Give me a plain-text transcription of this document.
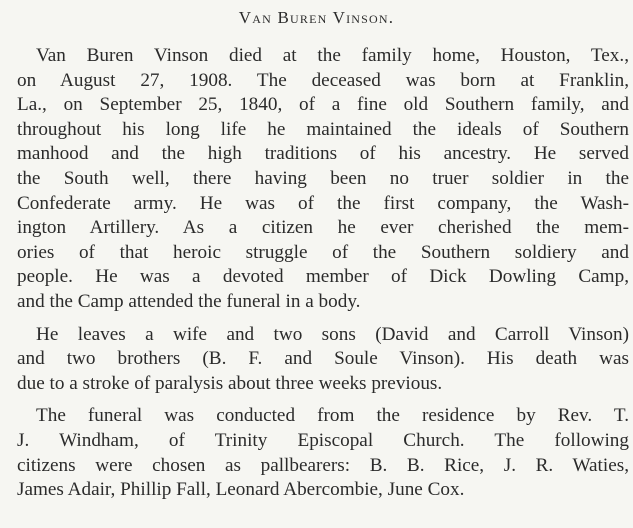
Van Buren Vinson.
Van Buren Vinson died at the family home, Houston, Tex.,
on August 27, 1908. The deceased was born at Franklin,
La., on September 25, 1840, of a fine old Southern family, and
throughout his long life he maintained the ideals of Southern
manhood and the high traditions of his ancestry. He served
the South well, there having been no truer soldier in the
Confederate army. He was of the first company, the Wash-
ington Artillery. As a citizen he ever cherished the mem-
ories of that heroic struggle of the Southern soldiery and
people. He was a devoted member of Dick Dowling Camp,
and the Camp attended the funeral in a body.
He leaves a wife and two sons (David and Carroll Vinson)
and two brothers (B. F. and Soule Vinson). His death was
due to a stroke of paralysis about three weeks previous.
The funeral was conducted from the residence by Rev. T.
J. Windham, of Trinity Episcopal Church. The following
citizens were chosen as pallbearers: B. B. Rice, J. R. Waties,
James Adair, Phillip Fall, Leonard Abercombie, June Cox.
